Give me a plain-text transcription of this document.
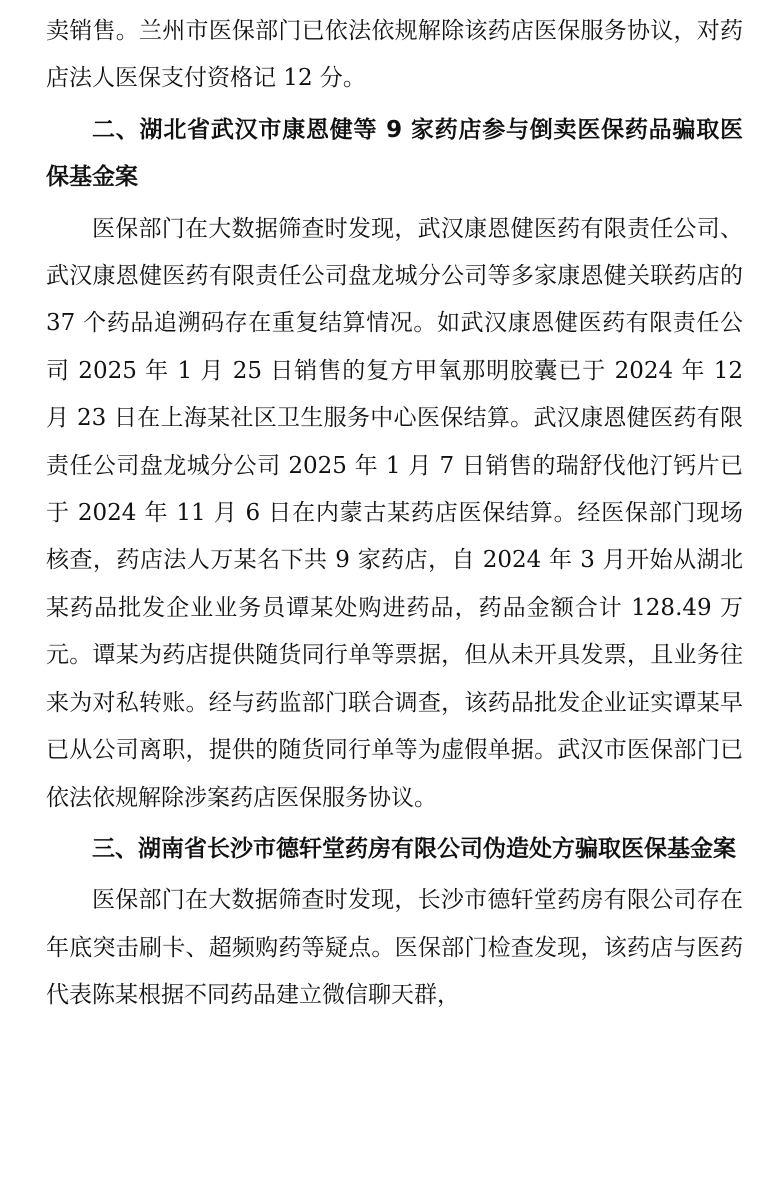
卖销售。兰州市医保部门已依法依规解除该药店医保服务协议，对药店法人医保支付资格记 12 分。

二、湖北省武汉市康恩健等 9 家药店参与倒卖医保药品骗取医保基金案

医保部门在大数据筛查时发现，武汉康恩健医药有限责任公司、武汉康恩健医药有限责任公司盘龙城分公司等多家康恩健关联药店的 37 个药品追溯码存在重复结算情况。如武汉康恩健医药有限责任公司 2025 年 1 月 25 日销售的复方甲氧那明胶囊已于 2024 年 12 月 23 日在上海某社区卫生服务中心医保结算。武汉康恩健医药有限责任公司盘龙城分公司 2025 年 1 月 7 日销售的瑞舒伐他汀钙片已于 2024 年 11 月 6 日在内蒙古某药店医保结算。经医保部门现场核查，药店法人万某名下共 9 家药店，自 2024 年 3 月开始从湖北某药品批发企业业务员谭某处购进药品，药品金额合计 128.49 万元。谭某为药店提供随货同行单等票据，但从未开具发票，且业务往来为对私转账。经与药监部门联合调查，该药品批发企业证实谭某早已从公司离职，提供的随货同行单等为虚假单据。武汉市医保部门已依法依规解除涉案药店医保服务协议。

三、湖南省长沙市德轩堂药房有限公司伪造处方骗取医保基金案

医保部门在大数据筛查时发现，长沙市德轩堂药房有限公司存在年底突击刷卡、超频购药等疑点。医保部门检查发现，该药店与医药代表陈某根据不同药品建立微信聊天群，
